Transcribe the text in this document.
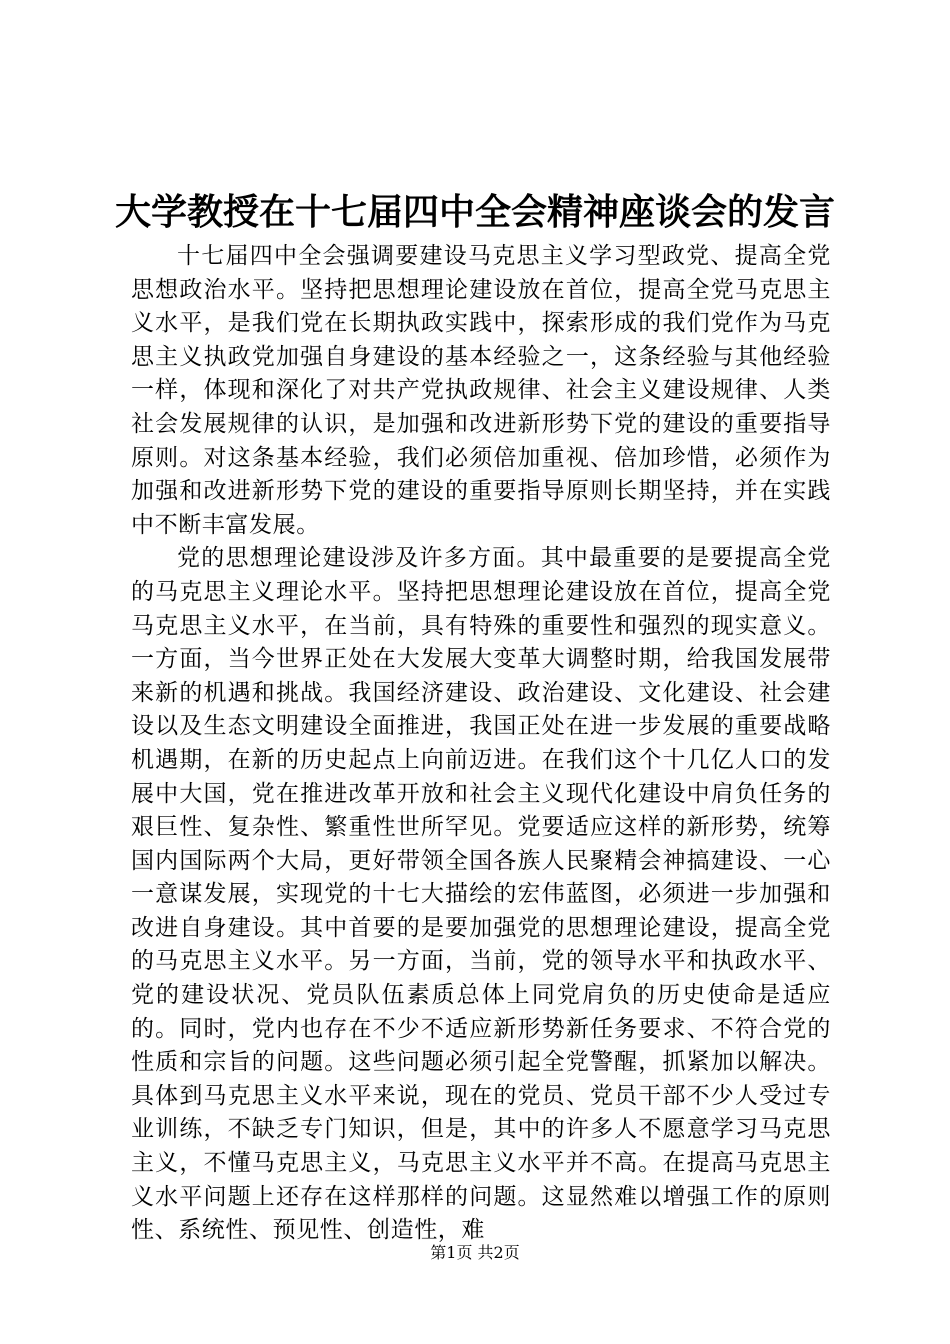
大学教授在十七届四中全会精神座谈会的发言

十七届四中全会强调要建设马克思主义学习型政党、提高全党思想政治水平。坚持把思想理论建设放在首位，提高全党马克思主义水平，是我们党在长期执政实践中，探索形成的我们党作为马克思主义执政党加强自身建设的基本经验之一，这条经验与其他经验一样，体现和深化了对共产党执政规律、社会主义建设规律、人类社会发展规律的认识，是加强和改进新形势下党的建设的重要指导原则。对这条基本经验，我们必须倍加重视、倍加珍惜，必须作为加强和改进新形势下党的建设的重要指导原则长期坚持，并在实践中不断丰富发展。

党的思想理论建设涉及许多方面。其中最重要的是要提高全党的马克思主义理论水平。坚持把思想理论建设放在首位，提高全党马克思主义水平，在当前，具有特殊的重要性和强烈的现实意义。一方面，当今世界正处在大发展大变革大调整时期，给我国发展带来新的机遇和挑战。我国经济建设、政治建设、文化建设、社会建设以及生态文明建设全面推进，我国正处在进一步发展的重要战略机遇期，在新的历史起点上向前迈进。在我们这个十几亿人口的发展中大国，党在推进改革开放和社会主义现代化建设中肩负任务的艰巨性、复杂性、繁重性世所罕见。党要适应这样的新形势，统筹国内国际两个大局，更好带领全国各族人民聚精会神搞建设、一心一意谋发展，实现党的十七大描绘的宏伟蓝图，必须进一步加强和改进自身建设。其中首要的是要加强党的思想理论建设，提高全党的马克思主义水平。另一方面，当前，党的领导水平和执政水平、党的建设状况、党员队伍素质总体上同党肩负的历史使命是适应的。同时，党内也存在不少不适应新形势新任务要求、不符合党的性质和宗旨的问题。这些问题必须引起全党警醒，抓紧加以解决。具体到马克思主义水平来说，现在的党员、党员干部不少人受过专业训练，不缺乏专门知识，但是，其中的许多人不愿意学习马克思主义，不懂马克思主义，马克思主义水平并不高。在提高马克思主义水平问题上还存在这样那样的问题。这显然难以增强工作的原则性、系统性、预见性、创造性，难

第1页 共2页
